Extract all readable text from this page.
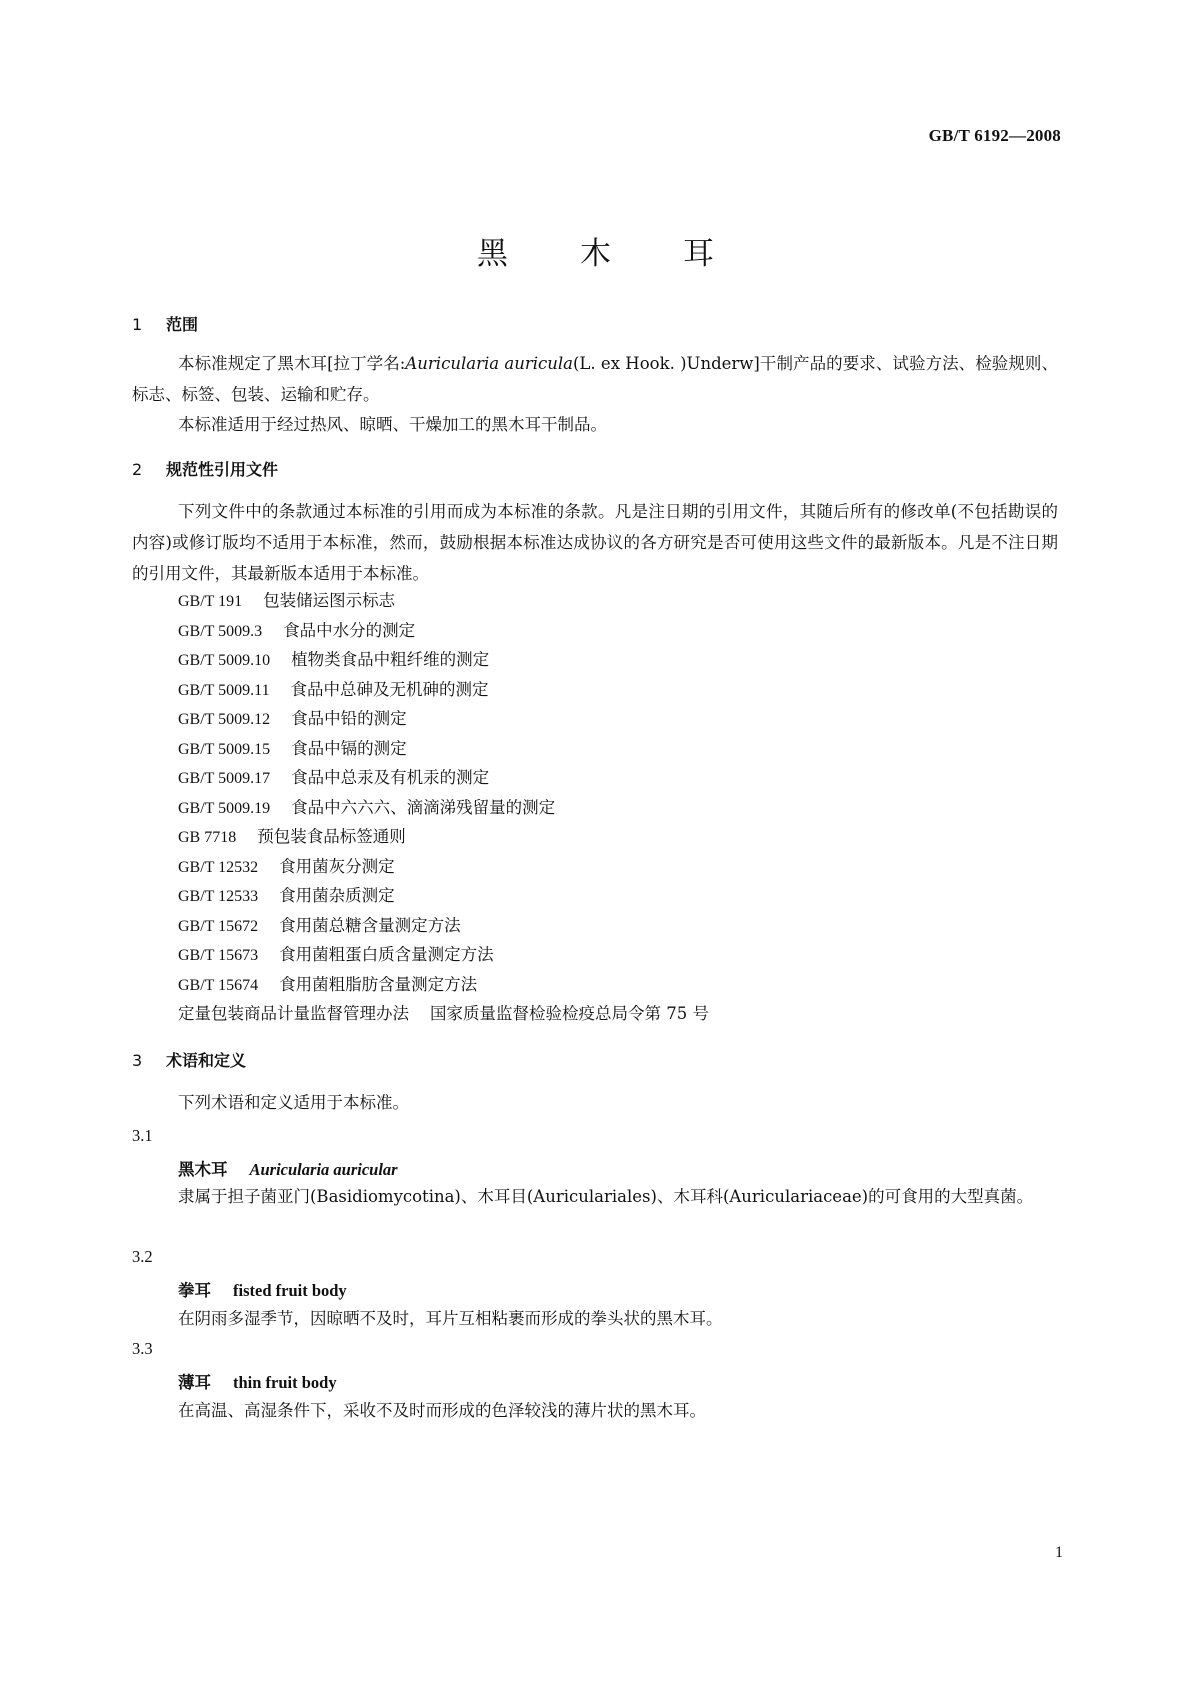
GB/T 6192—2008
黑 木 耳
1 范围
本标准规定了黑木耳[拉丁学名:Auricularia auricula(L. ex Hook. )Underw]干制产品的要求、试验方法、检验规则、标志、标签、包装、运输和贮存。
本标准适用于经过热风、晾晒、干燥加工的黑木耳干制品。
2 规范性引用文件
下列文件中的条款通过本标准的引用而成为本标准的条款。凡是注日期的引用文件，其随后所有的修改单(不包括勘误的内容)或修订版均不适用于本标准，然而，鼓励根据本标准达成协议的各方研究是否可使用这些文件的最新版本。凡是不注日期的引用文件，其最新版本适用于本标准。
GB/T 191 包装储运图示标志
GB/T 5009.3 食品中水分的测定
GB/T 5009.10 植物类食品中粗纤维的测定
GB/T 5009.11 食品中总砷及无机砷的测定
GB/T 5009.12 食品中铅的测定
GB/T 5009.15 食品中镉的测定
GB/T 5009.17 食品中总汞及有机汞的测定
GB/T 5009.19 食品中六六六、滴滴涕残留量的测定
GB 7718 预包装食品标签通则
GB/T 12532 食用菌灰分测定
GB/T 12533 食用菌杂质测定
GB/T 15672 食用菌总糖含量测定方法
GB/T 15673 食用菌粗蛋白质含量测定方法
GB/T 15674 食用菌粗脂肪含量测定方法
定量包装商品计量监督管理办法 国家质量监督检验检疫总局令第 75 号
3 术语和定义
下列术语和定义适用于本标准。
3.1
黑木耳 Auricularia auricular
隶属于担子菌亚门(Basidiomycotina)、木耳目(Auriculariales)、木耳科(Auriculariaceae)的可食用的大型真菌。
3.2
拳耳 fisted fruit body
在阴雨多湿季节，因晾晒不及时，耳片互相粘裹而形成的拳头状的黑木耳。
3.3
薄耳 thin fruit body
在高温、高湿条件下，采收不及时而形成的色泽较浅的薄片状的黑木耳。
1
